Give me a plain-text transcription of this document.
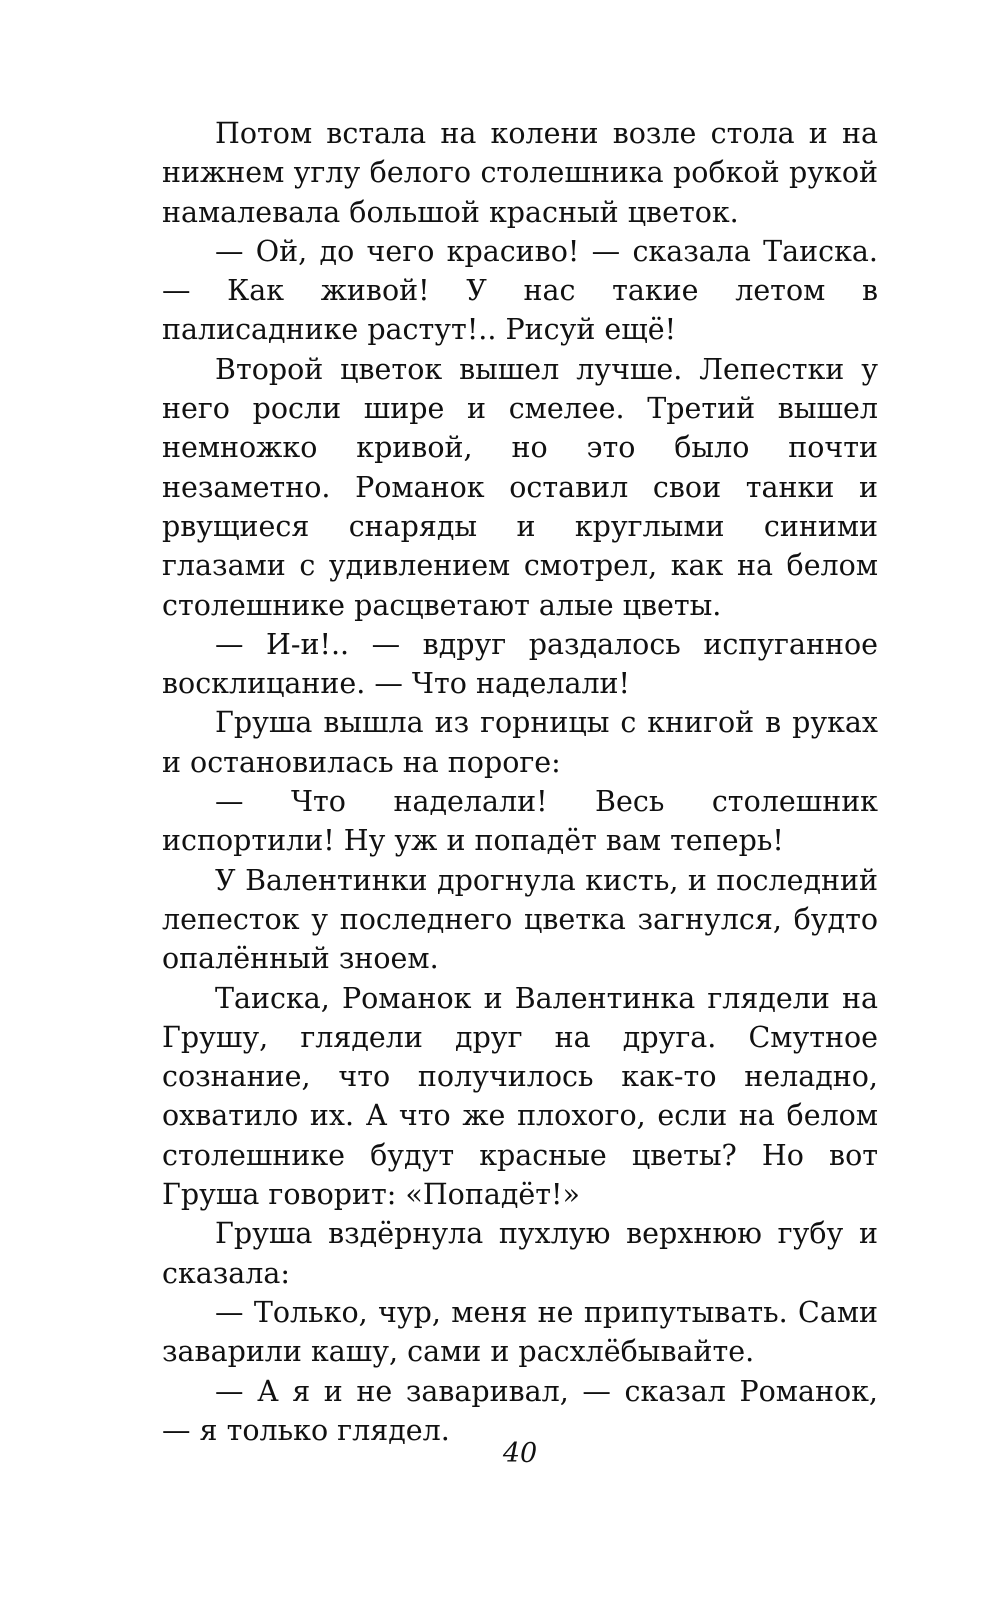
Потом встала на колени возле стола и на нижнем углу белого столешника робкой рукой намалевала большой красный цветок.

— Ой, до чего красиво! — сказала Таиска. — Как живой! У нас такие летом в палисаднике растут!.. Рисуй ещё!

Второй цветок вышел лучше. Лепестки у него росли шире и смелее. Третий вышел немножко кривой, но это было почти незаметно. Романок оставил свои танки и рвущиеся снаряды и круглыми синими глазами с удивлением смотрел, как на белом столешнике расцветают алые цветы.

— И-и!.. — вдруг раздалось испуганное восклицание. — Что наделали!

Груша вышла из горницы с книгой в руках и остановилась на пороге:

— Что наделали! Весь столешник испортили! Ну уж и попадёт вам теперь!

У Валентинки дрогнула кисть, и последний лепесток у последнего цветка загнулся, будто опалённый зноем.

Таиска, Романок и Валентинка глядели на Грушу, глядели друг на друга. Смутное сознание, что получилось как-то неладно, охватило их. А что же плохого, если на белом столешнике будут красные цветы? Но вот Груша говорит: «Попадёт!»

Груша вздёрнула пухлую верхнюю губу и сказала:

— Только, чур, меня не припутывать. Сами заварили кашу, сами и расхлёбывайте.

— А я и не заваривал, — сказал Романок, — я только глядел.

40
